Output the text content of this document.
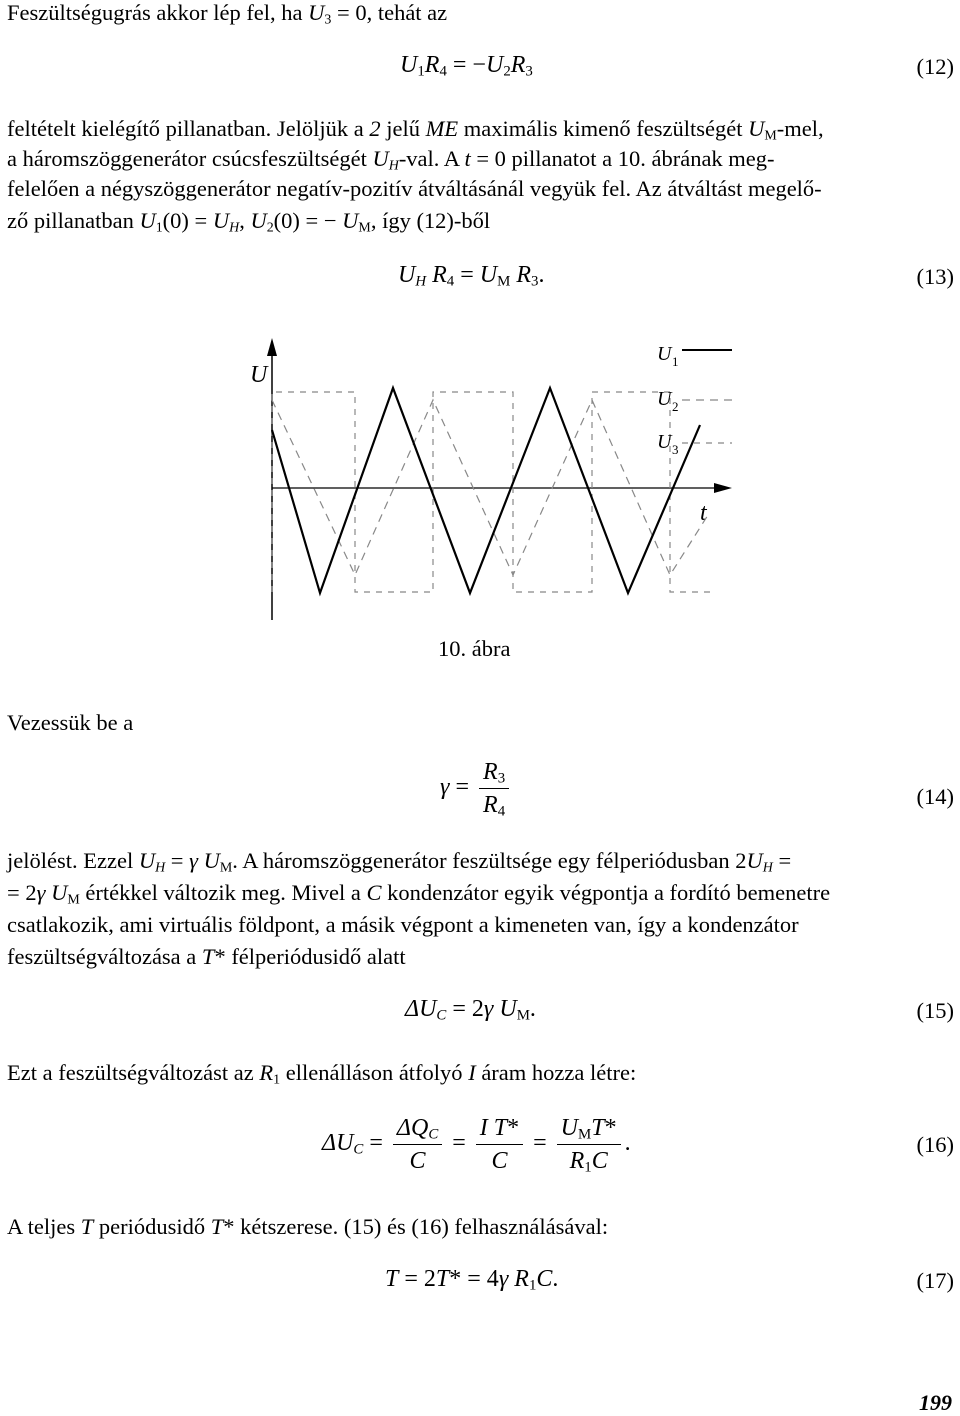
Feszültségugrás akkor lép fel, ha $U_3 = 0$, tehát az
$U_1R_4 = -U_2R_3$	(12)
feltételt kielégítő pillanatban. Jelöljük a 2 jelű ME maximális kimenő feszültségét $U_M$-mel,
a háromszöggenerátor csúcsfeszültségét $U_H$-val. A t = 0 pillanatot a 10. ábrának meg-
felelően a négyszöggenerátor negatív-pozitív átváltásánál vegyük fel. Az átváltást megelő-
ző pillanatban $U_1(0) = U_H$, $U_2(0)$ = − $U_M$, így (12)-ből
$U_H$ $R_4 = U_M$ $R_3$.	(13)
U
t
U 1
U 2
U 3
10. ábra
Vezessük be a
$\gamma = \frac{R_3}{R_4}$	(14)
jelölést. Ezzel $U_H = \gamma$ $U_M$. A háromszöggenerátor feszültsége egy félperiódusban $2U_H$ =
= 2γ $U_M$ értékkel változik meg. Mivel a C kondenzátor egyik végpontja a fordító bemenetre
csatlakozik, ami virtuális földpont, a másik végpont a kimeneten van, így a kondenzátor
feszültségváltozása a T* félperiódusidő alatt
$\Delta U_C = 2\gamma$ $U_M$.	(15)
Ezt a feszültségváltozást az $R_1$ ellenálláson átfolyó I áram hozza létre:
$\Delta U_C = \frac{\Delta Q_C}{C} = \frac{\text{I T*}}{C} = \frac{U_MT*}{R_1C}$ .	(16)
A teljes T periódusidő T* kétszerese. (15) és (16) felhasználásával:
T = 2T* = 4γ $R_1C$.	(17)
199
